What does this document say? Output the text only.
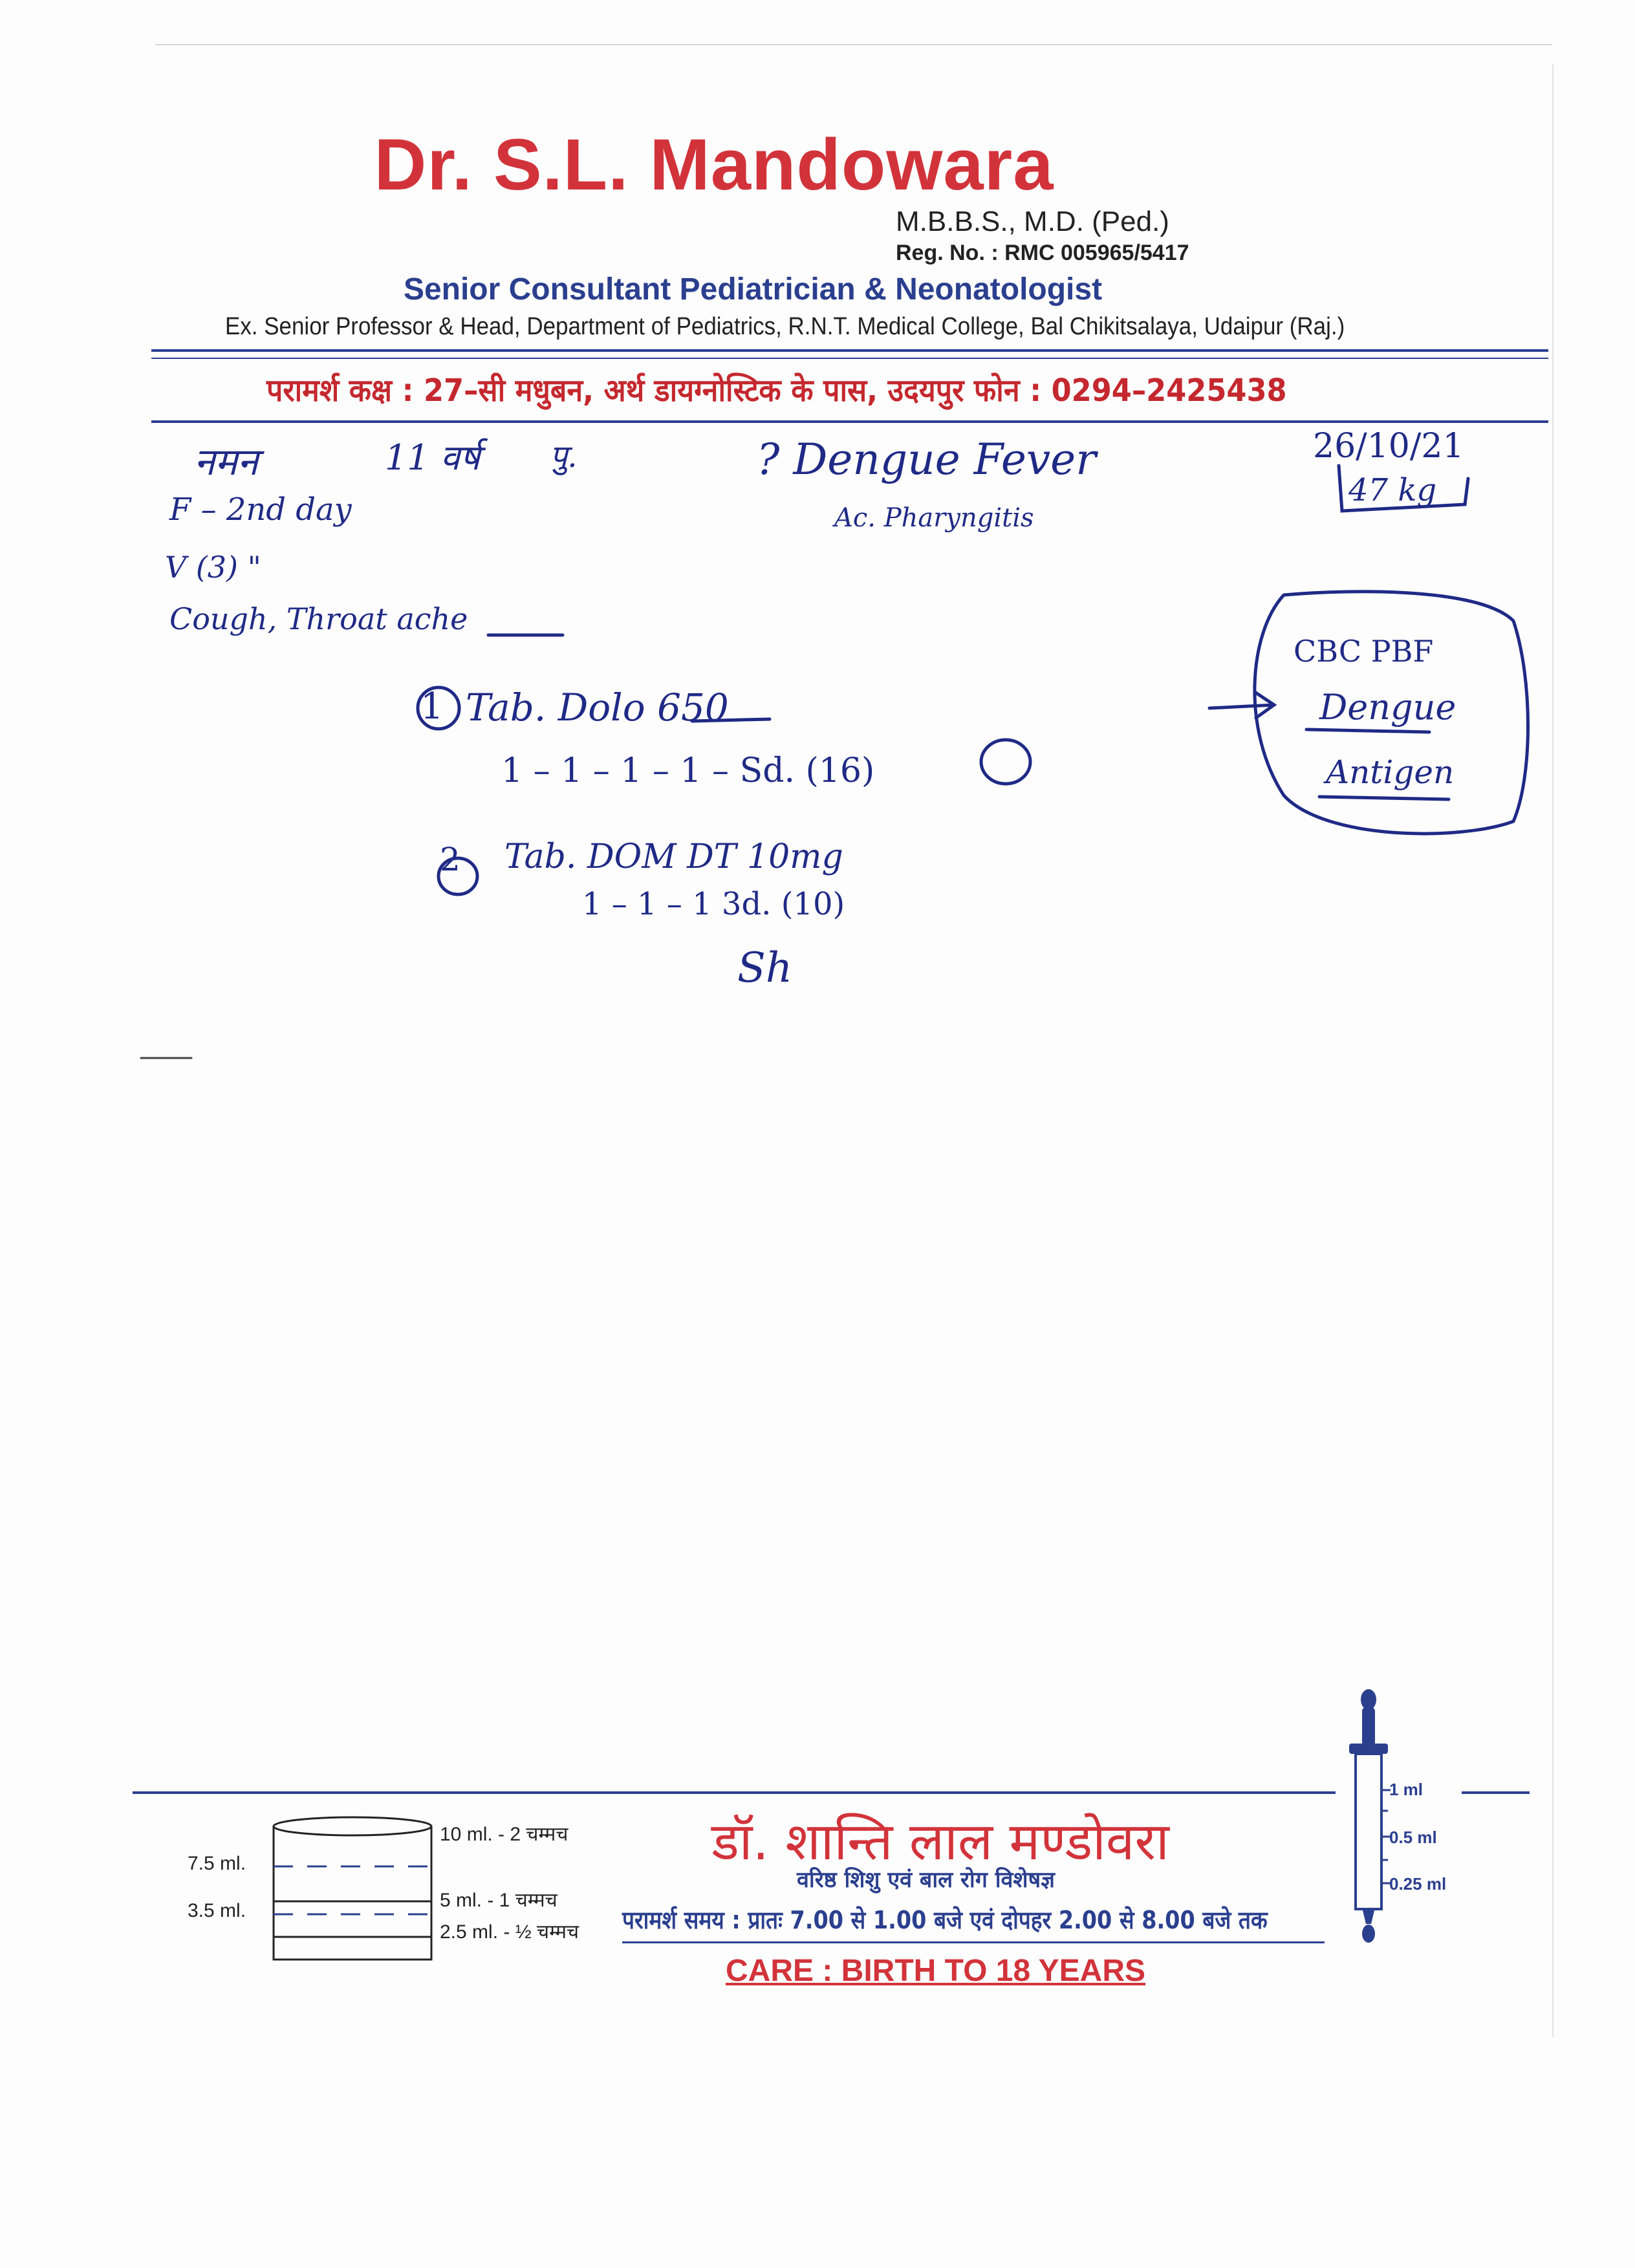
Dr. S.L. Mandowara
M.B.B.S., M.D. (Ped.)
Reg. No. : RMC 005965/5417
Senior Consultant Pediatrician & Neonatologist
Ex. Senior Professor & Head, Department of Pediatrics, R.N.T. Medical College, Bal Chikitsalaya, Udaipur (Raj.)
परामर्श कक्ष : 27–सी मधुबन, अर्थ डायग्नोस्टिक के पास, उदयपुर फोन : 0294–2425438
नमन	11 वर्ष पु.	? Dengue Fever
Ac. Pharyngitis
26/10/21
47 kg
F – 2nd day
V (3) "
Cough, Throat ache
CBC PBF
Dengue
Antigen
1 Tab. Dolo 650
1 – 1 – 1 – 1 – Sd. (16)
2 Tab. DOM DT 10mg
1 – 1 – 1 3d. (10)
Sh
7.5 ml.
3.5 ml.
10 ml. - 2 चम्मच
5 ml. - 1 चम्मच
2.5 ml. - ½ चम्मच
डॉ. शान्ति लाल मण्डोवरा
वरिष्ठ शिशु एवं बाल रोग विशेषज्ञ
परामर्श समय : प्रातः 7.00 से 1.00 बजे एवं दोपहर 2.00 से 8.00 बजे तक
CARE : BIRTH TO 18 YEARS
1 ml
0.5 ml
0.25 ml
